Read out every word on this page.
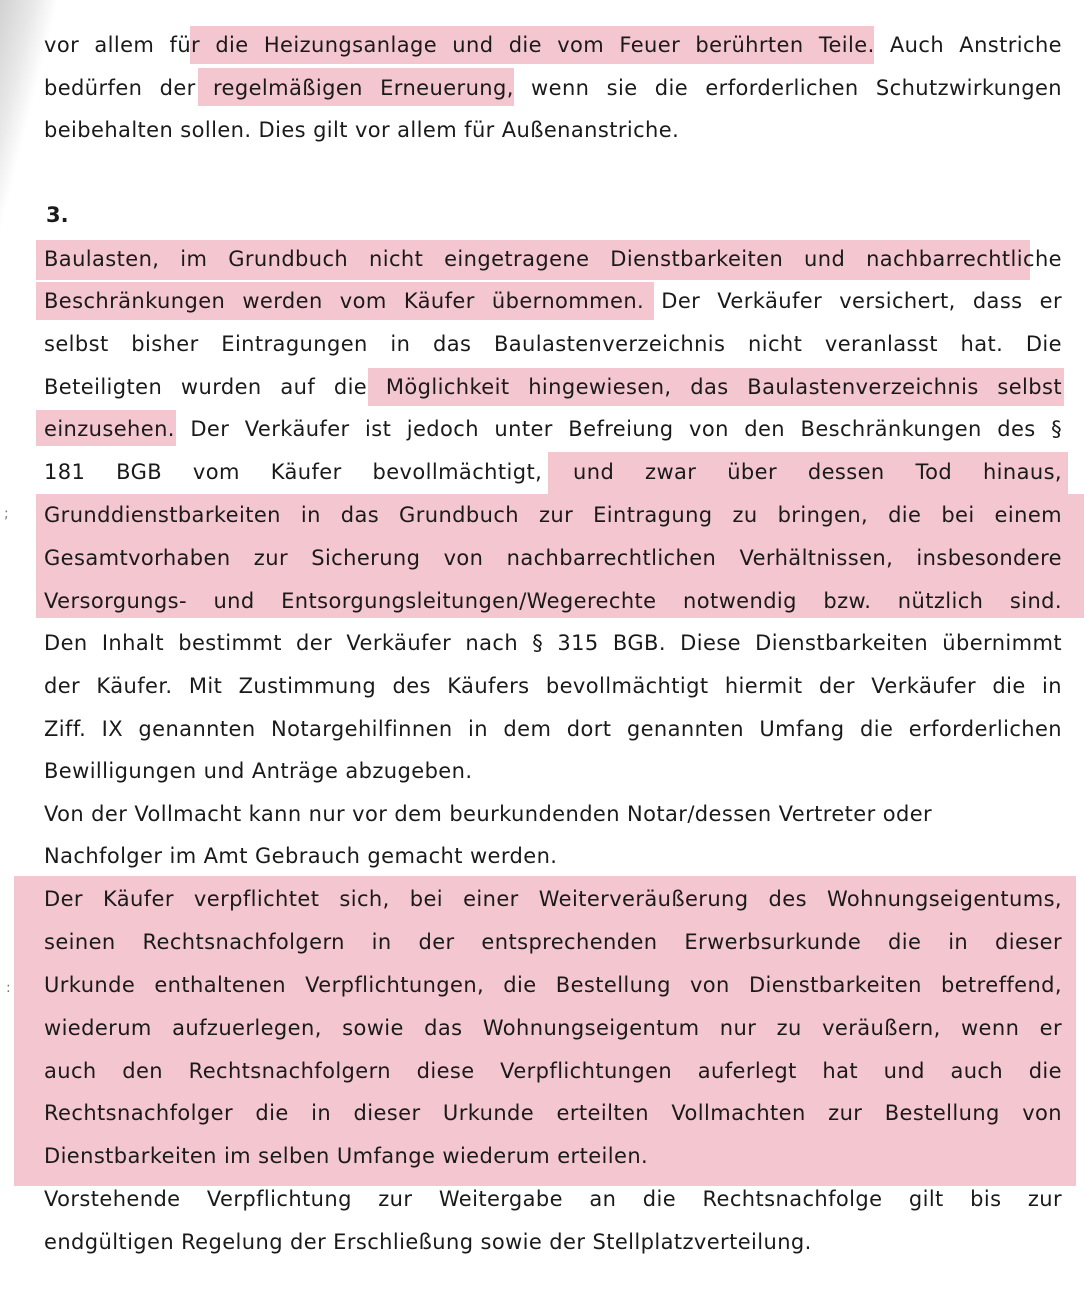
;
:
3.
vor allem für die Heizungsanlage und die vom Feuer berührten Teile. Auch Anstriche
bedürfen der regelmäßigen Erneuerung, wenn sie die erforderlichen Schutzwirkungen
beibehalten sollen. Dies gilt vor allem für Außenanstriche.
Baulasten, im Grundbuch nicht eingetragene Dienstbarkeiten und nachbarrechtliche
Beschränkungen werden vom Käufer übernommen. Der Verkäufer versichert, dass er
selbst bisher Eintragungen in das Baulastenverzeichnis nicht veranlasst hat. Die
Beteiligten wurden auf die Möglichkeit hingewiesen, das Baulastenverzeichnis selbst
einzusehen. Der Verkäufer ist jedoch unter Befreiung von den Beschränkungen des §
181 BGB vom Käufer bevollmächtigt, und zwar über dessen Tod hinaus,
Grunddienstbarkeiten in das Grundbuch zur Eintragung zu bringen, die bei einem
Gesamtvorhaben zur Sicherung von nachbarrechtlichen Verhältnissen, insbesondere
Versorgungs- und Entsorgungsleitungen/Wegerechte notwendig bzw. nützlich sind.
Den Inhalt bestimmt der Verkäufer nach § 315 BGB. Diese Dienstbarkeiten übernimmt
der Käufer. Mit Zustimmung des Käufers bevollmächtigt hiermit der Verkäufer die in
Ziff. IX genannten Notargehilfinnen in dem dort genannten Umfang die erforderlichen
Bewilligungen und Anträge abzugeben.
Von der Vollmacht kann nur vor dem beurkundenden Notar/dessen Vertreter oder
Nachfolger im Amt Gebrauch gemacht werden.
Der Käufer verpflichtet sich, bei einer Weiterveräußerung des Wohnungseigentums,
seinen Rechtsnachfolgern in der entsprechenden Erwerbsurkunde die in dieser
Urkunde enthaltenen Verpflichtungen, die Bestellung von Dienstbarkeiten betreffend,
wiederum aufzuerlegen, sowie das Wohnungseigentum nur zu veräußern, wenn er
auch den Rechtsnachfolgern diese Verpflichtungen auferlegt hat und auch die
Rechtsnachfolger die in dieser Urkunde erteilten Vollmachten zur Bestellung von
Dienstbarkeiten im selben Umfange wiederum erteilen.
Vorstehende Verpflichtung zur Weitergabe an die Rechtsnachfolge gilt bis zur
endgültigen Regelung der Erschließung sowie der Stellplatzverteilung.
